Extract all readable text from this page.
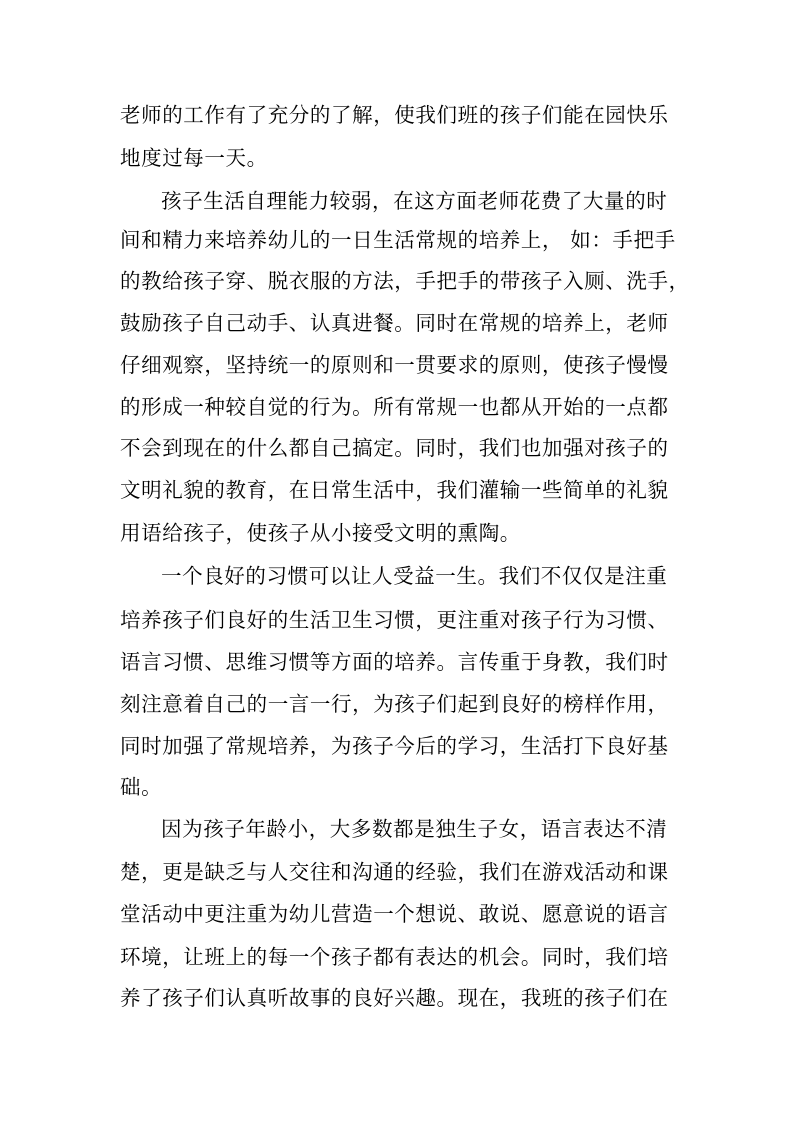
老师的工作有了充分的了解，使我们班的孩子们能在园快乐
地度过每一天。
孩子生活自理能力较弱，在这方面老师花费了大量的时
间和精力来培养幼儿的一日生活常规的培养上， 如：手把手
的教给孩子穿、脱衣服的方法，手把手的带孩子入厕、洗手，
鼓励孩子自己动手、认真进餐。同时在常规的培养上，老师
仔细观察，坚持统一的原则和一贯要求的原则，使孩子慢慢
的形成一种较自觉的行为。所有常规一也都从开始的一点都
不会到现在的什么都自己搞定。同时，我们也加强对孩子的
文明礼貌的教育，在日常生活中，我们灌输一些简单的礼貌
用语给孩子，使孩子从小接受文明的熏陶。
一个良好的习惯可以让人受益一生。我们不仅仅是注重
培养孩子们良好的生活卫生习惯，更注重对孩子行为习惯、
语言习惯、思维习惯等方面的培养。言传重于身教，我们时
刻注意着自己的一言一行，为孩子们起到良好的榜样作用，
同时加强了常规培养，为孩子今后的学习，生活打下良好基
础。
因为孩子年龄小，大多数都是独生子女，语言表达不清
楚，更是缺乏与人交往和沟通的经验，我们在游戏活动和课
堂活动中更注重为幼儿营造一个想说、敢说、愿意说的语言
环境，让班上的每一个孩子都有表达的机会。同时，我们培
养了孩子们认真听故事的良好兴趣。现在，我班的孩子们在
